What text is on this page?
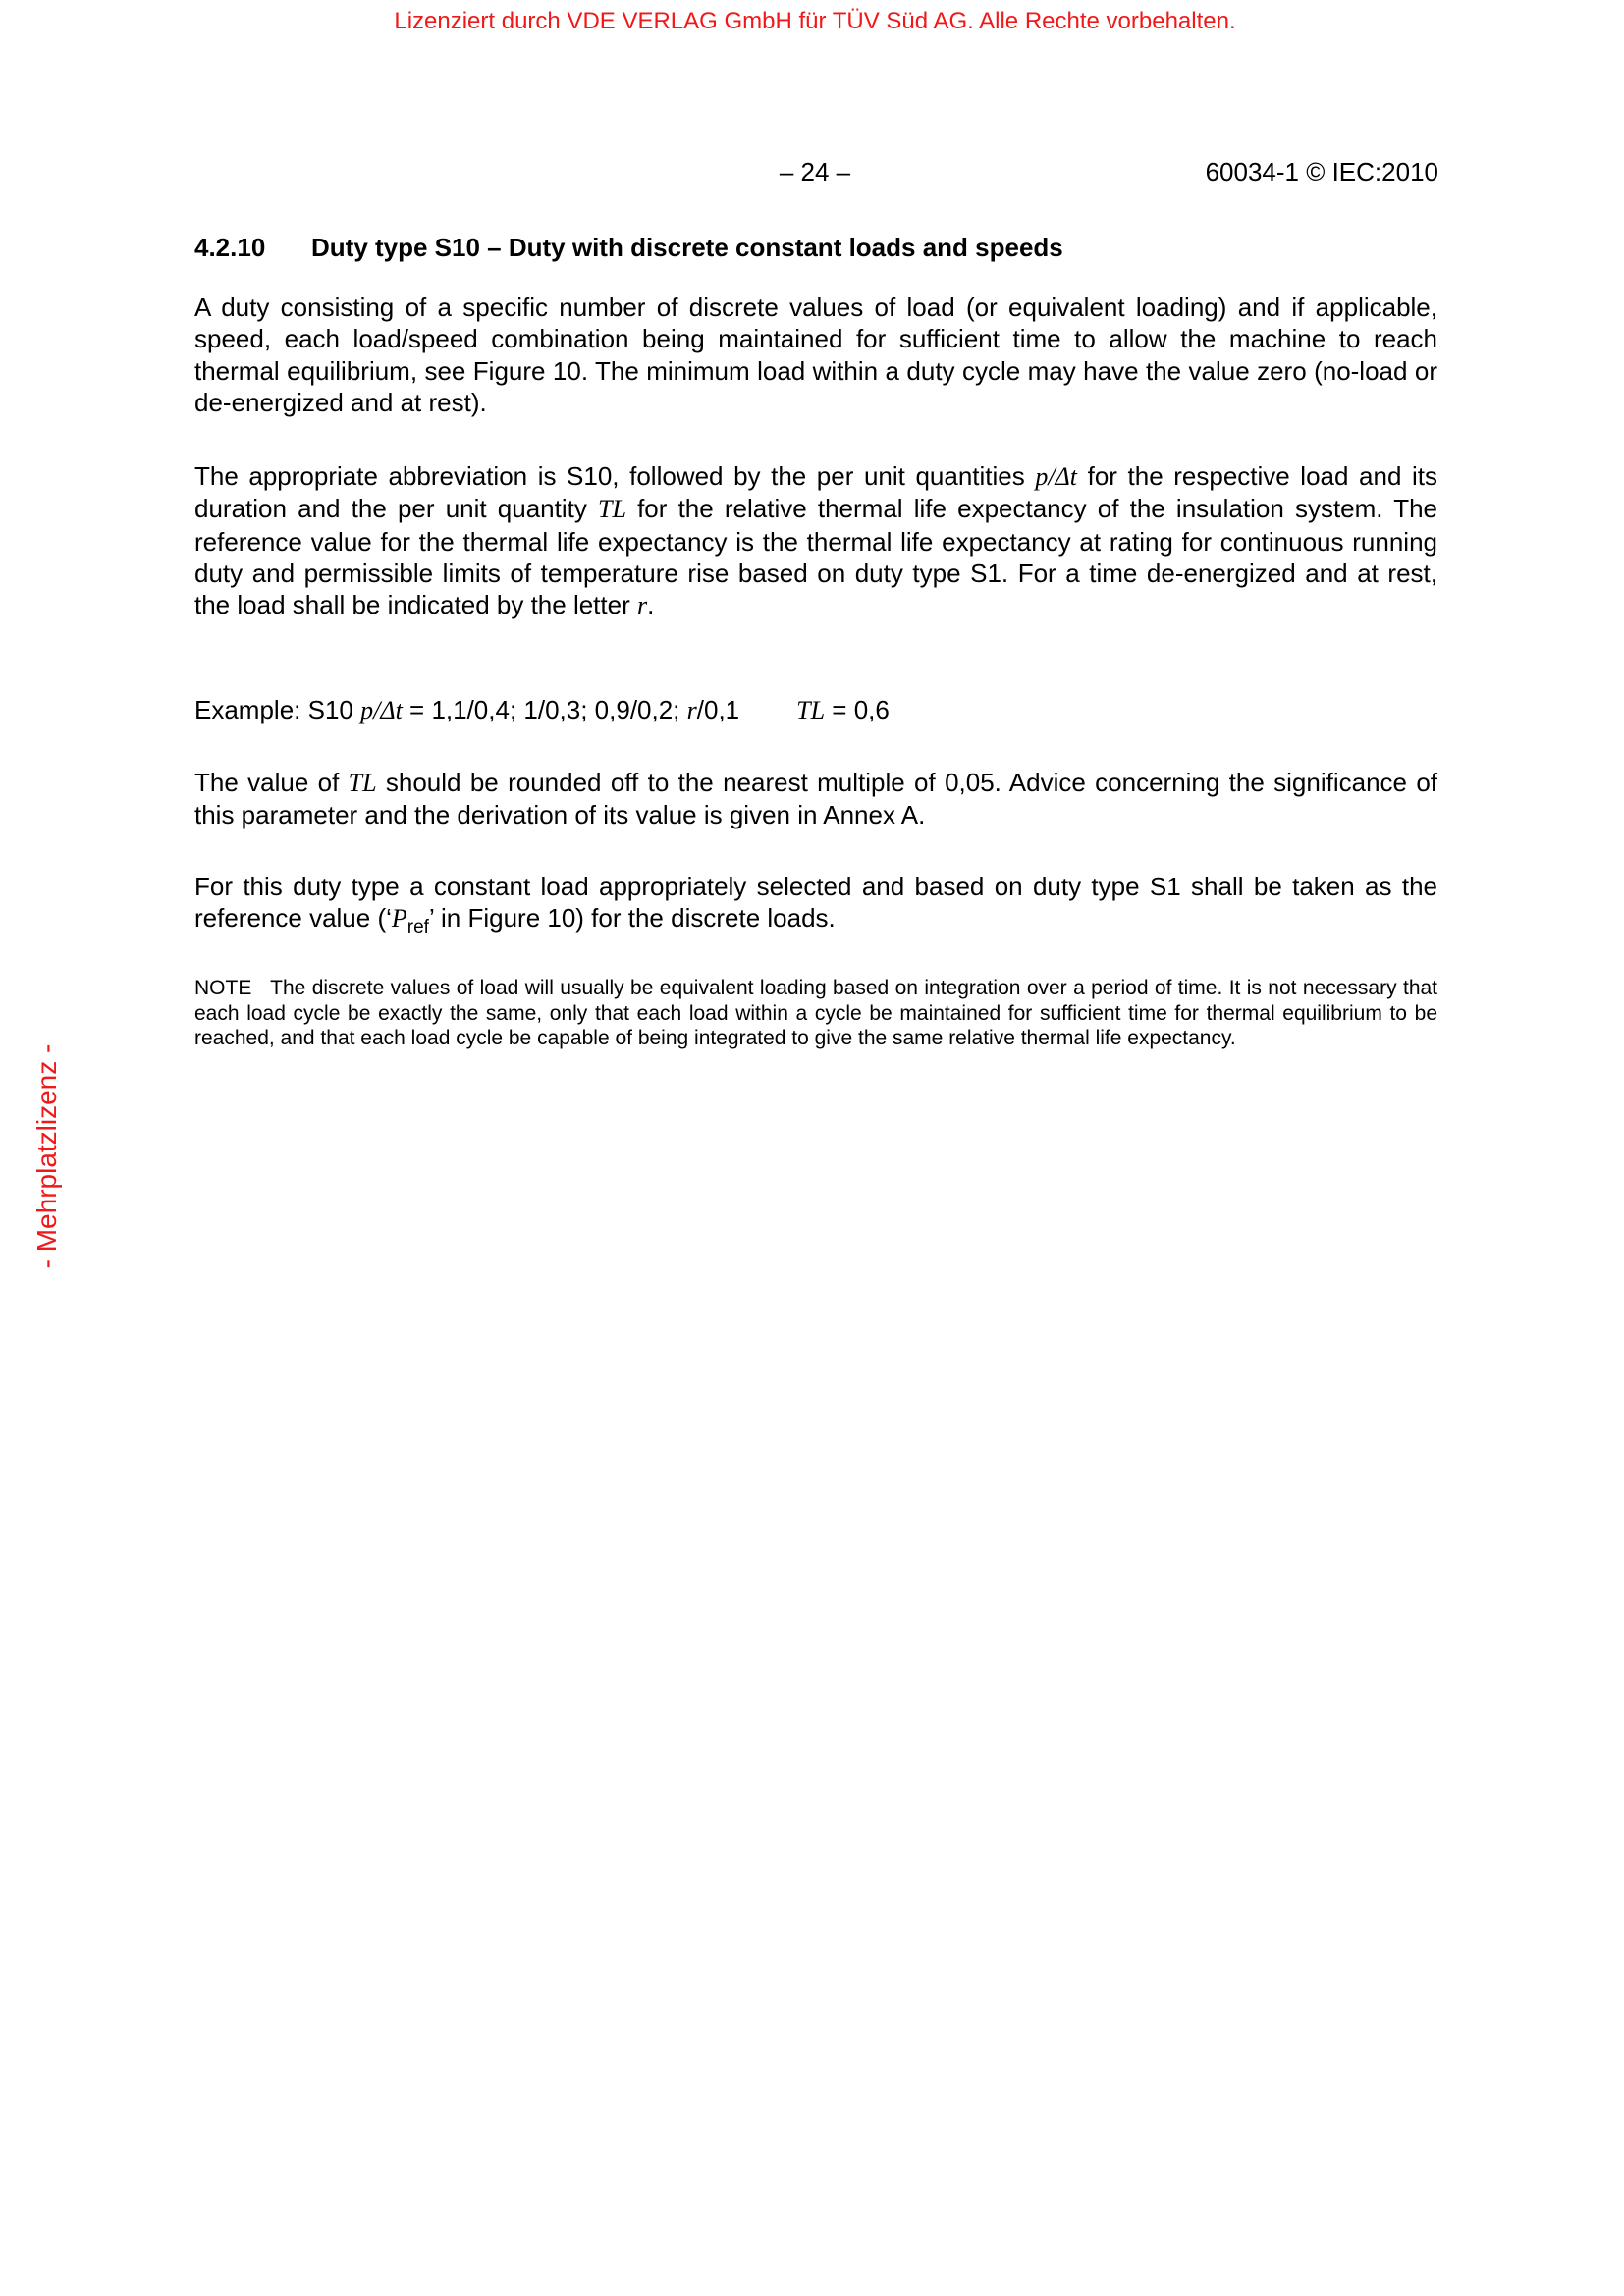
Lizenziert durch VDE VERLAG GmbH für TÜV Süd AG. Alle Rechte vorbehalten.
- Mehrplatzlizenz -
– 24 –	60034-1 © IEC:2010
4.2.10 Duty type S10 – Duty with discrete constant loads and speeds
A duty consisting of a specific number of discrete values of load (or equivalent loading) and if applicable, speed, each load/speed combination being maintained for sufficient time to allow the machine to reach thermal equilibrium, see Figure 10. The minimum load within a duty cycle may have the value zero (no-load or de-energized and at rest).
The appropriate abbreviation is S10, followed by the per unit quantities p/Δt for the respective load and its duration and the per unit quantity TL for the relative thermal life expectancy of the insulation system. The reference value for the thermal life expectancy is the thermal life expectancy at rating for continuous running duty and permissible limits of temperature rise based on duty type S1. For a time de-energized and at rest, the load shall be indicated by the letter r.
Example: S10 p/Δt = 1,1/0,4; 1/0,3; 0,9/0,2; r/0,1 TL = 0,6
The value of TL should be rounded off to the nearest multiple of 0,05. Advice concerning the significance of this parameter and the derivation of its value is given in Annex A.
For this duty type a constant load appropriately selected and based on duty type S1 shall be taken as the reference value (‘$P_{ref}$’ in Figure 10) for the discrete loads.
NOTE The discrete values of load will usually be equivalent loading based on integration over a period of time. It is not necessary that each load cycle be exactly the same, only that each load within a cycle be maintained for sufficient time for thermal equilibrium to be reached, and that each load cycle be capable of being integrated to give the same relative thermal life expectancy.
